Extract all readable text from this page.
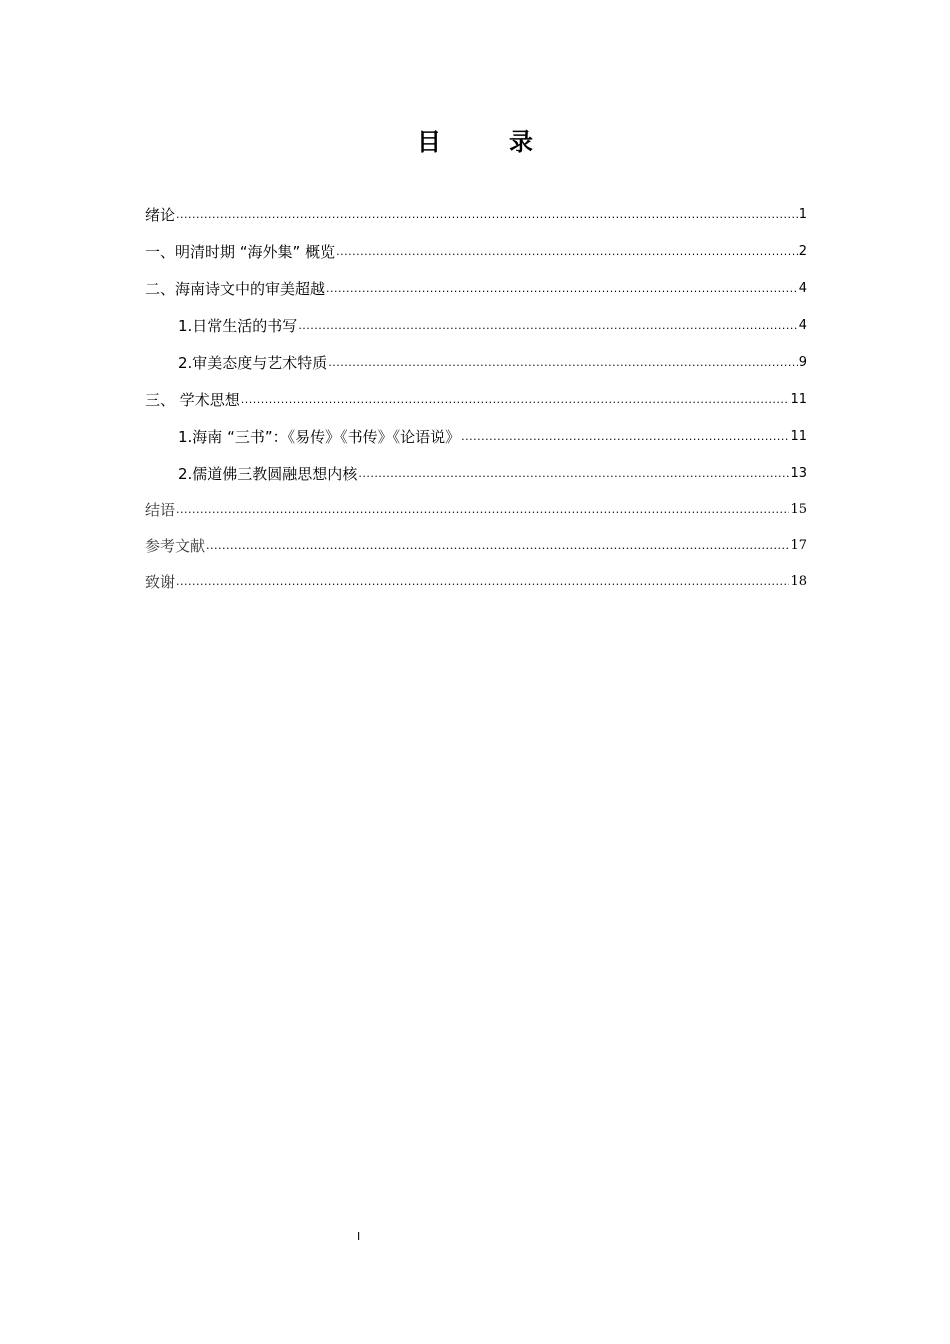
目　录
绪论 .....	1
一、明清时期 “海外集” 概览 .....	2
二、海南诗文中的审美超越 .....	4
1.日常生活的书写 .....	4
2.审美态度与艺术特质 .....	9
三、 学术思想 .....	11
1.海南 “三书”：《易传》《书传》《论语说》 .....	11
2.儒道佛三教圆融思想内核 .....	13
结语 .....	15
参考文献 .....	17
致谢 .....	18
I
